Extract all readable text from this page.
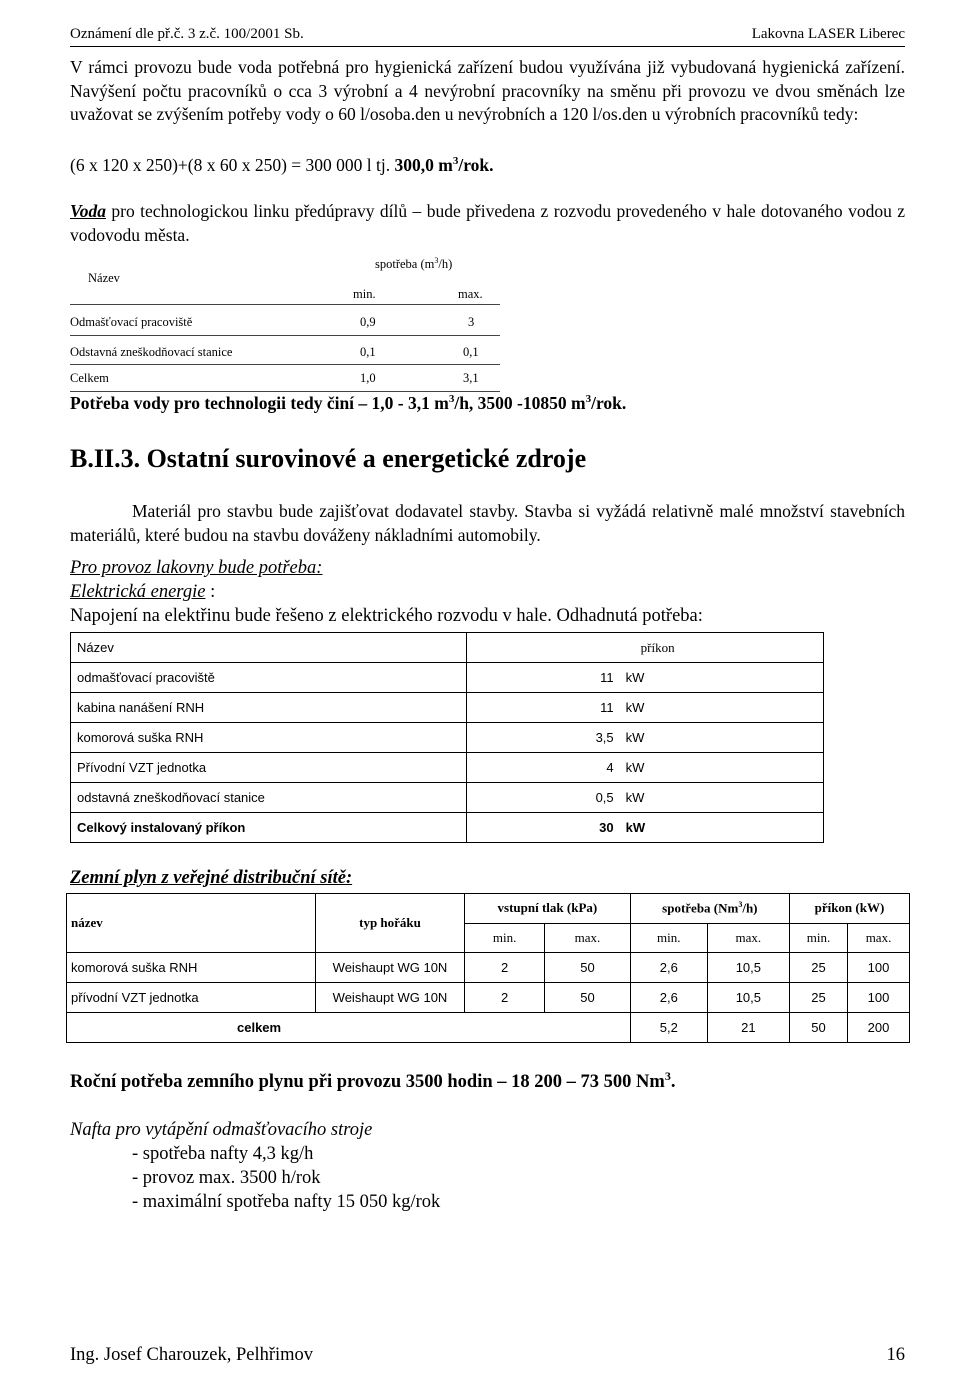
Oznámení dle př.č. 3 z.č. 100/2001 Sb.	Lakovna LASER Liberec
V rámci provozu bude voda potřebná pro hygienická zařízení budou využívána již vybudovaná hygienická zařízení. Navýšení počtu pracovníků o cca 3 výrobní a 4 nevýrobní pracovníky na směnu při provozu ve dvou směnách lze uvažovat se zvýšením potřeby vody o 60 l/osoba.den u nevýrobních a 120 l/os.den u výrobních pracovníků tedy:
(6 x 120 x 250)+(8 x 60 x 250) = 300 000 l tj. 300,0 $m^3$/rok.
Voda pro technologickou linku předúpravy dílů – bude přivedena z rozvodu provedeného v hale dotovaného vodou z vodovodu města.
Název
spotřeba $(m^3/h)$
min.	max.
Odmašťovací pracoviště	0,9	3
Odstavná zneškodňovací stanice	0,1	0,1
Celkem	1,0	3,1
Potřeba vody pro technologii tedy činí – 1,0 - 3,1 $m^3/h$, 3500 -10850 $m^3$/rok.
B.II.3. Ostatní surovinové a energetické zdroje
Materiál pro stavbu bude zajišťovat dodavatel stavby. Stavba si vyžádá relativně malé množství stavebních materiálů, které budou na stavbu dováženy nákladními automobily.
Pro provoz lakovny bude potřeba:
Elektrická energie :
Napojení na elektřinu bude řešeno z elektrického rozvodu v hale. Odhadnutá potřeba:
Název	příkon	
odmašťovací pracoviště	11	kW
kabina nanášení RNH	11	kW
komorová suška RNH	3,5	kW
Přívodní VZT jednotka	4	kW
odstavná zneškodňovací stanice	0,5	kW
Celkový instalovaný příkon	30	kW
Zemní plyn z veřejné distribuční sítě:
název	typ hořáku	vstupní tlak (kPa)		spotřeba (Nm$^3$/h)		příkon (kW)	
		min.	max.	min.	max.	min.	max.
komorová suška RNH	Weishaupt WG 10N	2	50	2,6	10,5	25	100
přívodní VZT jednotka	Weishaupt WG 10N	2	50	2,6	10,5	25	100
celkem				5,2	21	50	200
Roční potřeba zemního plynu při provozu 3500 hodin – 18 200 – 73 500 Nm$^3$.
Nafta pro vytápění odmašťovacího stroje
- spotřeba nafty 4,3 kg/h
- provoz max. 3500 h/rok
- maximální spotřeba nafty 15 050 kg/rok
Ing. Josef Charouzek, Pelhřimov	16
